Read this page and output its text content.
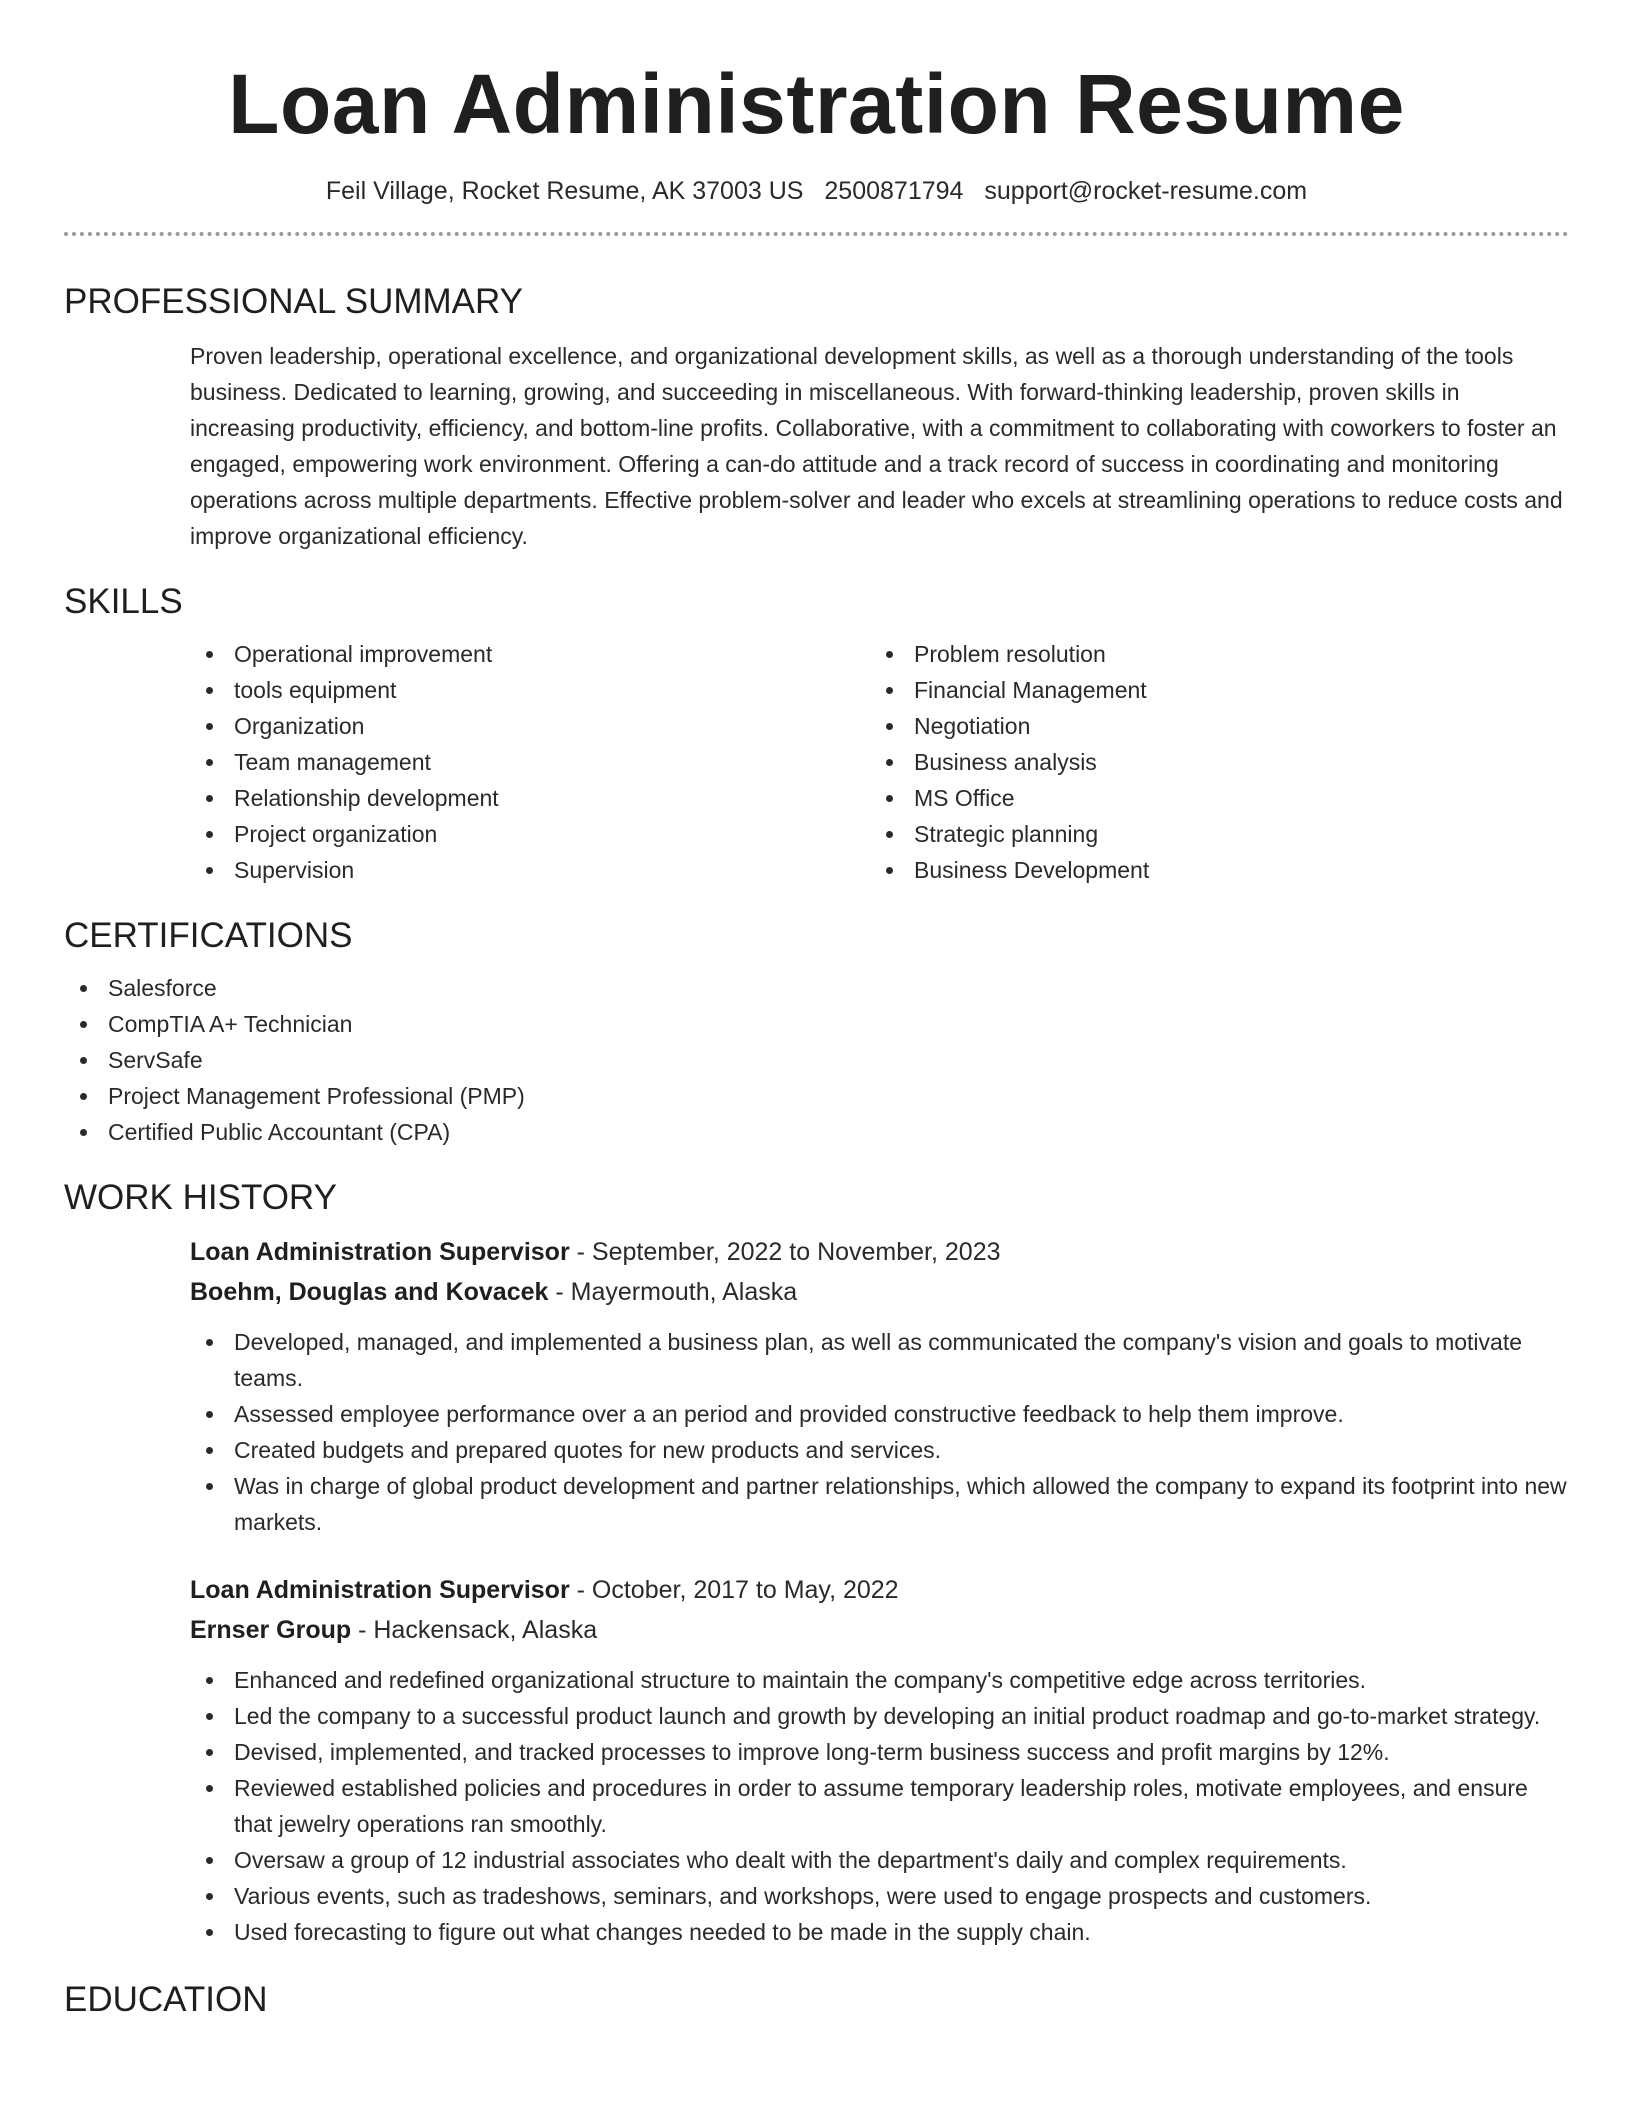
Loan Administration Resume
Feil Village, Rocket Resume, AK 37003 US 2500871794 support@rocket-resume.com
PROFESSIONAL SUMMARY

Proven leadership, operational excellence, and organizational development skills, as well as a thorough understanding of the tools business. Dedicated to learning, growing, and succeeding in miscellaneous. With forward-thinking leadership, proven skills in increasing productivity, efficiency, and bottom-line profits. Collaborative, with a commitment to collaborating with coworkers to foster an engaged, empowering work environment. Offering a can-do attitude and a track record of success in coordinating and monitoring operations across multiple departments. Effective problem-solver and leader who excels at streamlining operations to reduce costs and improve organizational efficiency.

SKILLS
Operational improvement
tools equipment
Organization
Team management
Relationship development
Project organization
Supervision
Problem resolution
Financial Management
Negotiation
Business analysis
MS Office
Strategic planning
Business Development
CERTIFICATIONS
Salesforce
CompTIA A+ Technician
ServSafe
Project Management Professional (PMP)
Certified Public Accountant (CPA)
WORK HISTORY
Loan Administration Supervisor - September, 2022 to November, 2023
Boehm, Douglas and Kovacek - Mayermouth, Alaska
Developed, managed, and implemented a business plan, as well as communicated the company's vision and goals to motivate teams.
Assessed employee performance over a an period and provided constructive feedback to help them improve.
Created budgets and prepared quotes for new products and services.
Was in charge of global product development and partner relationships, which allowed the company to expand its footprint into new markets.
Loan Administration Supervisor - October, 2017 to May, 2022
Ernser Group - Hackensack, Alaska
Enhanced and redefined organizational structure to maintain the company's competitive edge across territories.
Led the company to a successful product launch and growth by developing an initial product roadmap and go-to-market strategy.
Devised, implemented, and tracked processes to improve long-term business success and profit margins by 12%.
Reviewed established policies and procedures in order to assume temporary leadership roles, motivate employees, and ensure that jewelry operations ran smoothly.
Oversaw a group of 12 industrial associates who dealt with the department's daily and complex requirements.
Various events, such as tradeshows, seminars, and workshops, were used to engage prospects and customers.
Used forecasting to figure out what changes needed to be made in the supply chain.
EDUCATION
